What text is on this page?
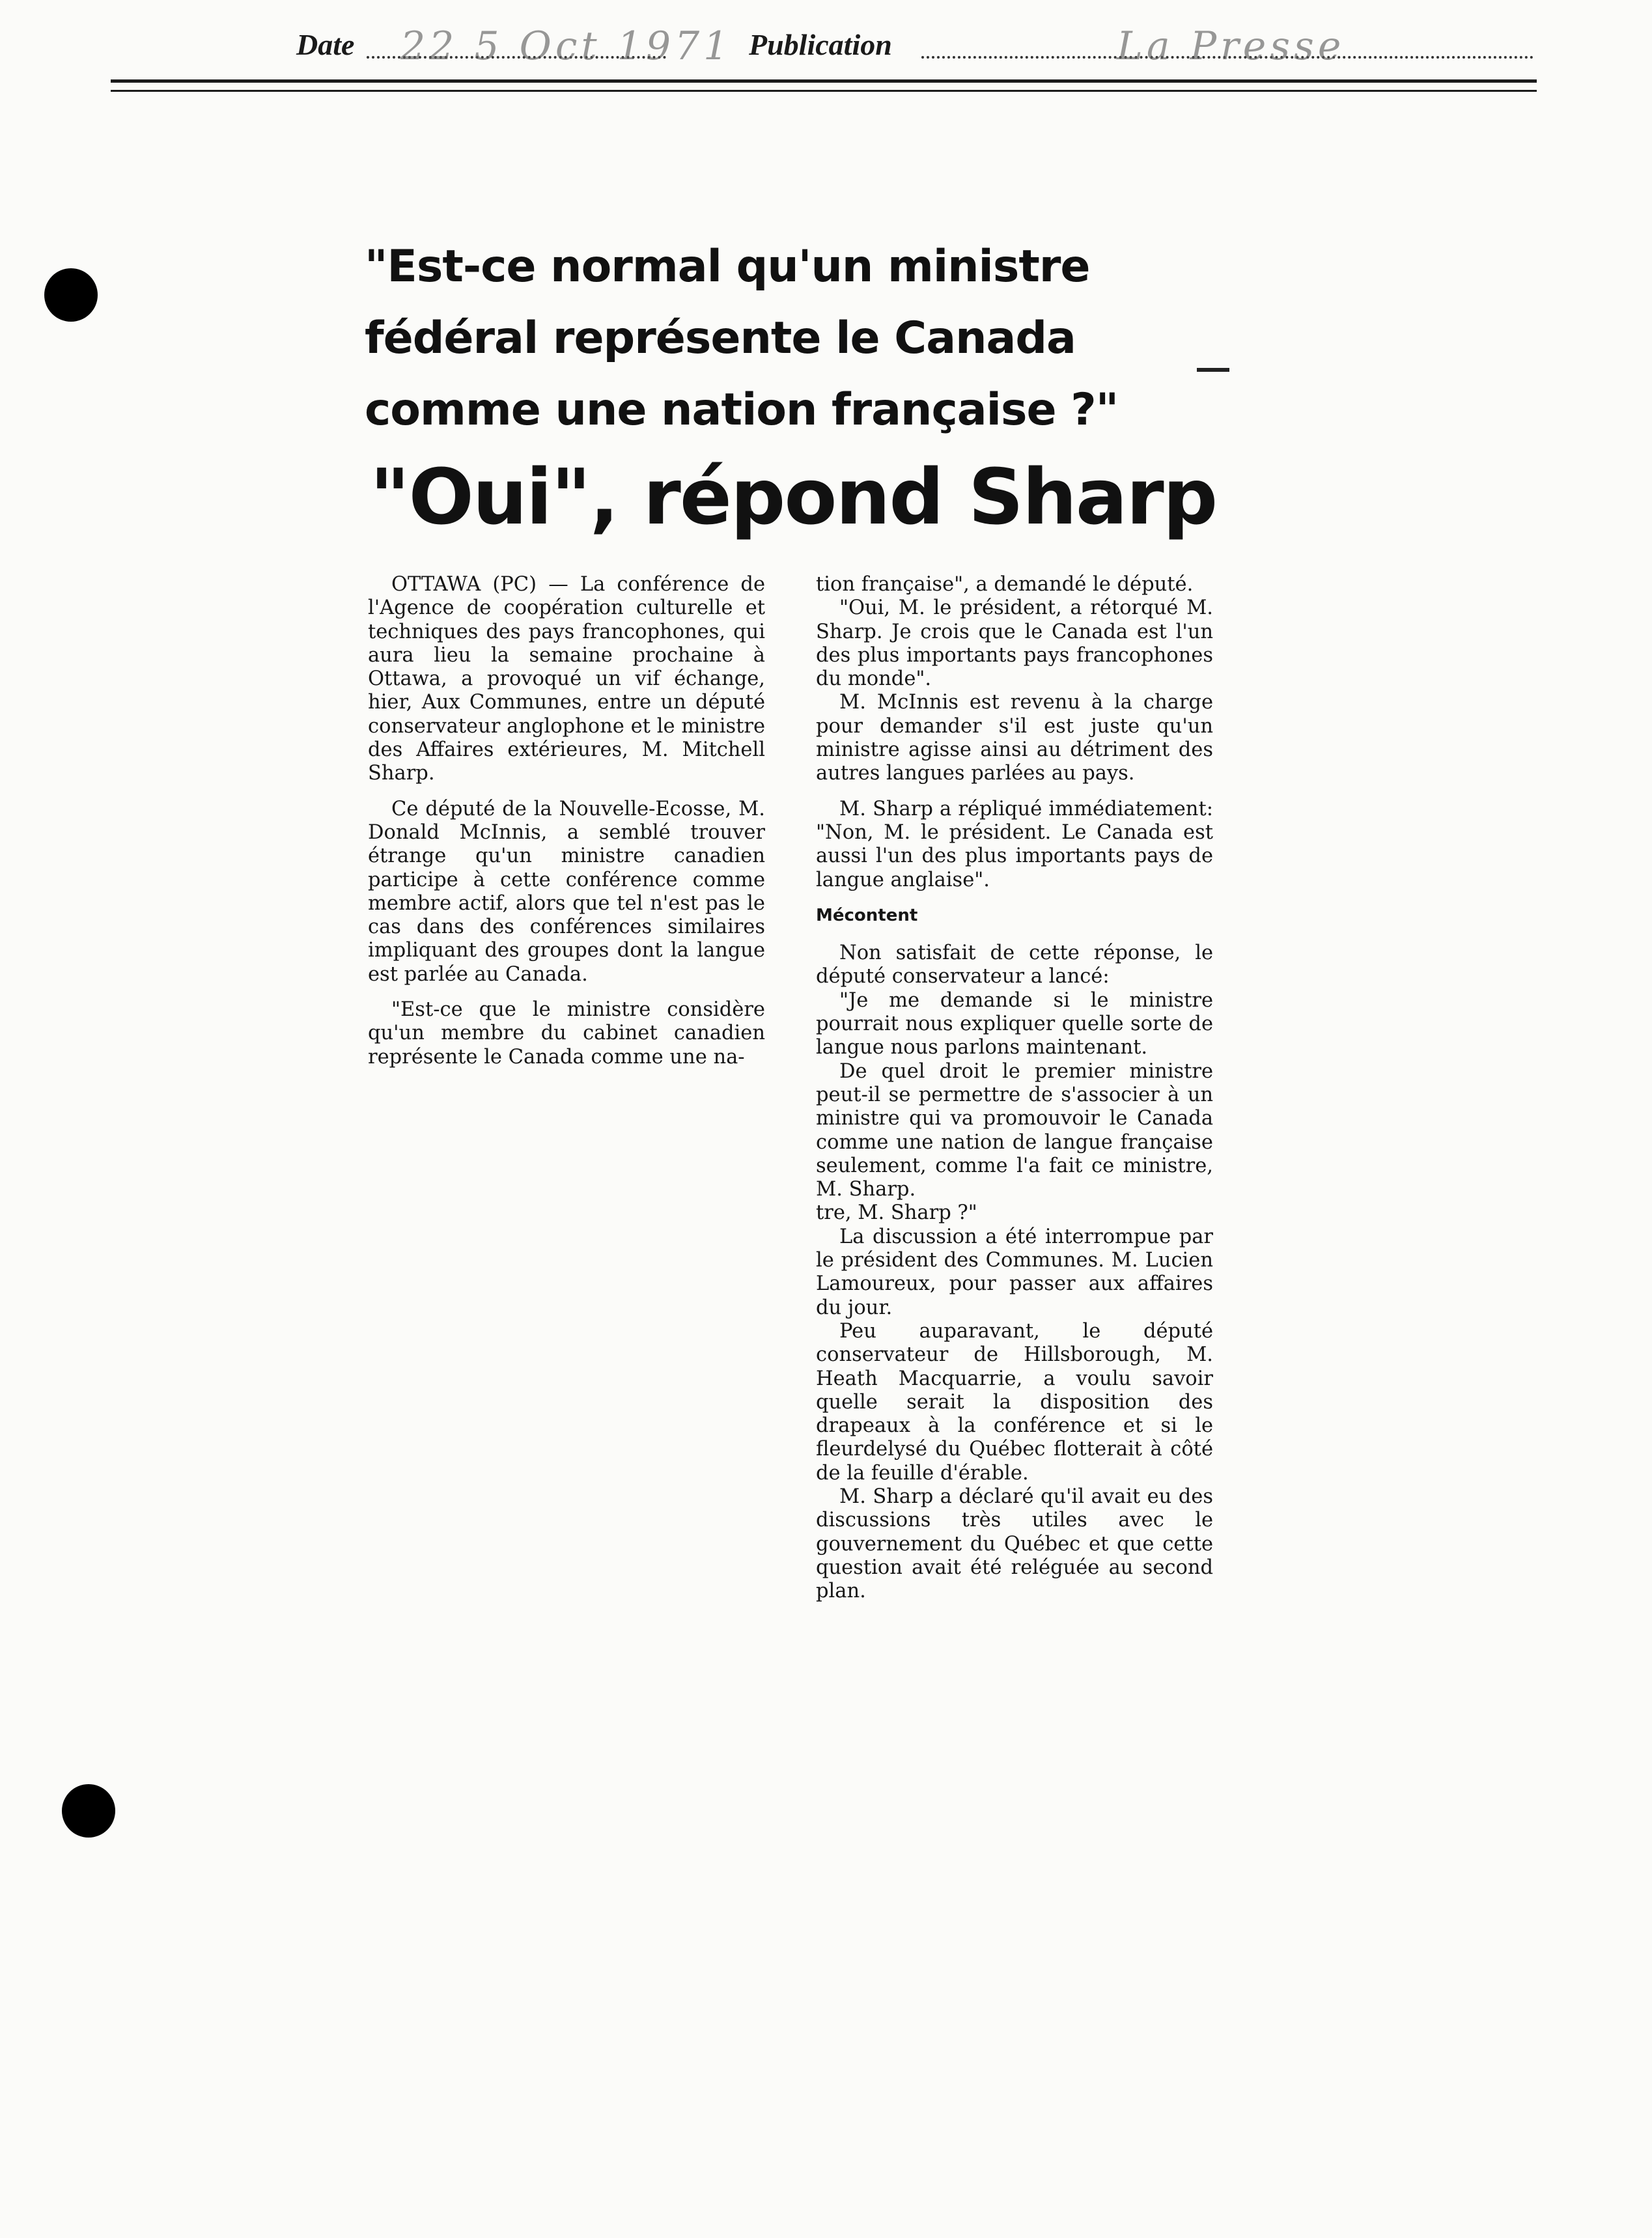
Date 22 5 Oct 1971 Publication	La Presse

"Est-ce normal qu'un ministre

fédéral représente le Canada

comme une nation française ?"

"Oui", répond Sharp

OTTAWA (PC) — La conférence de l'Agence de coopération culturelle et techniques des pays francophones, qui aura lieu la semaine prochaine à Ottawa, a provoqué un vif échange, hier, Aux Communes, entre un député conservateur anglophone et le ministre des Affaires extérieures, M. Mitchell Sharp.

Ce député de la Nouvelle-Ecosse, M. Donald McInnis, a semblé trouver étrange qu'un ministre canadien participe à cette conférence comme membre actif, alors que tel n'est pas le cas dans des conférences similaires impliquant des groupes dont la langue est parlée au Canada.

"Est-ce que le ministre considère qu'un membre du cabinet canadien représente le Canada comme une na-

tion française", a demandé le député.

"Oui, M. le président, a rétorqué M. Sharp. Je crois que le Canada est l'un des plus importants pays francophones du monde".

M. McInnis est revenu à la charge pour demander s'il est juste qu'un ministre agisse ainsi au détriment des autres langues parlées au pays.

M. Sharp a répliqué immédiatement: "Non, M. le président. Le Canada est aussi l'un des plus importants pays de langue anglaise".

Mécontent

Non satisfait de cette réponse, le député conservateur a lancé:

"Je me demande si le ministre pourrait nous expliquer quelle sorte de langue nous parlons maintenant.

De quel droit le premier ministre peut-il se permettre de s'associer à un ministre qui va promouvoir le Canada comme une nation de langue française seulement, comme l'a fait ce ministre, M. Sharp.

tre, M. Sharp ?"

La discussion a été interrompue par le président des Communes. M. Lucien Lamoureux, pour passer aux affaires du jour.

Peu auparavant, le député conservateur de Hillsborough, M. Heath Macquarrie, a voulu savoir quelle serait la disposition des drapeaux à la conférence et si le fleurdelysé du Québec flotterait à côté de la feuille d'érable.

M. Sharp a déclaré qu'il avait eu des discussions très utiles avec le gouvernement du Québec et que cette question avait été reléguée au second plan.
